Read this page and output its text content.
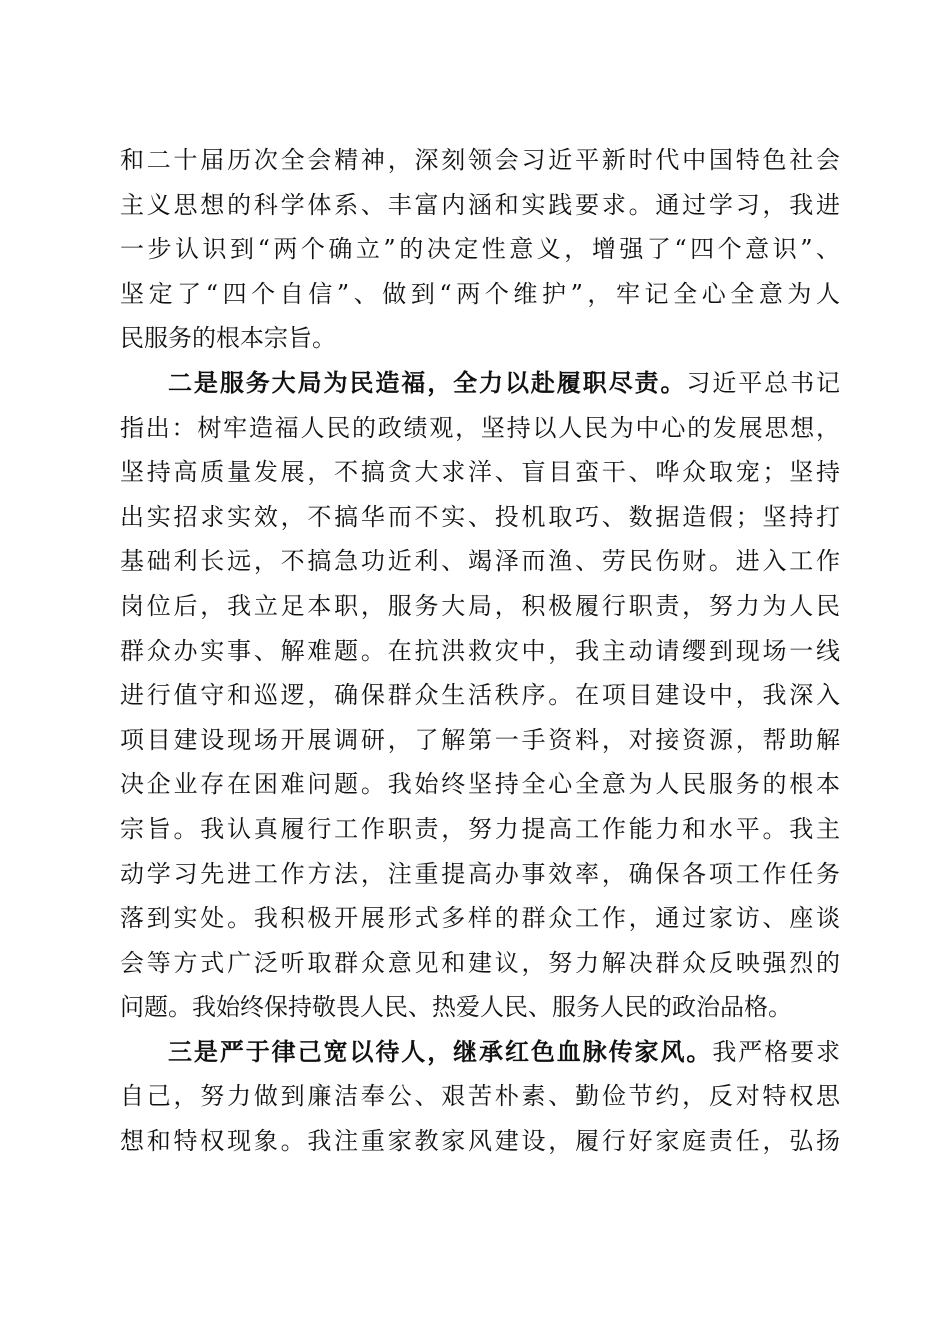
和二十届历次全会精神，深刻领会习近平新时代中国特色社会
主义思想的科学体系、丰富内涵和实践要求。通过学习，我进
一步认识到“两个确立”的决定性意义，增强了“四个意识”、
坚定了“四个自信”、做到“两个维护”，牢记全心全意为人
民服务的根本宗旨。
二是服务大局为民造福，全力以赴履职尽责。习近平总书记
指出：树牢造福人民的政绩观，坚持以人民为中心的发展思想，
坚持高质量发展，不搞贪大求洋、盲目蛮干、哗众取宠；坚持
出实招求实效，不搞华而不实、投机取巧、数据造假；坚持打
基础利长远，不搞急功近利、竭泽而渔、劳民伤财。进入工作
岗位后，我立足本职，服务大局，积极履行职责，努力为人民
群众办实事、解难题。在抗洪救灾中，我主动请缨到现场一线
进行值守和巡逻，确保群众生活秩序。在项目建设中，我深入
项目建设现场开展调研，了解第一手资料，对接资源，帮助解
决企业存在困难问题。我始终坚持全心全意为人民服务的根本
宗旨。我认真履行工作职责，努力提高工作能力和水平。我主
动学习先进工作方法，注重提高办事效率，确保各项工作任务
落到实处。我积极开展形式多样的群众工作，通过家访、座谈
会等方式广泛听取群众意见和建议，努力解决群众反映强烈的
问题。我始终保持敬畏人民、热爱人民、服务人民的政治品格。
三是严于律己宽以待人，继承红色血脉传家风。我严格要求
自己，努力做到廉洁奉公、艰苦朴素、勤俭节约，反对特权思
想和特权现象。我注重家教家风建设，履行好家庭责任，弘扬
